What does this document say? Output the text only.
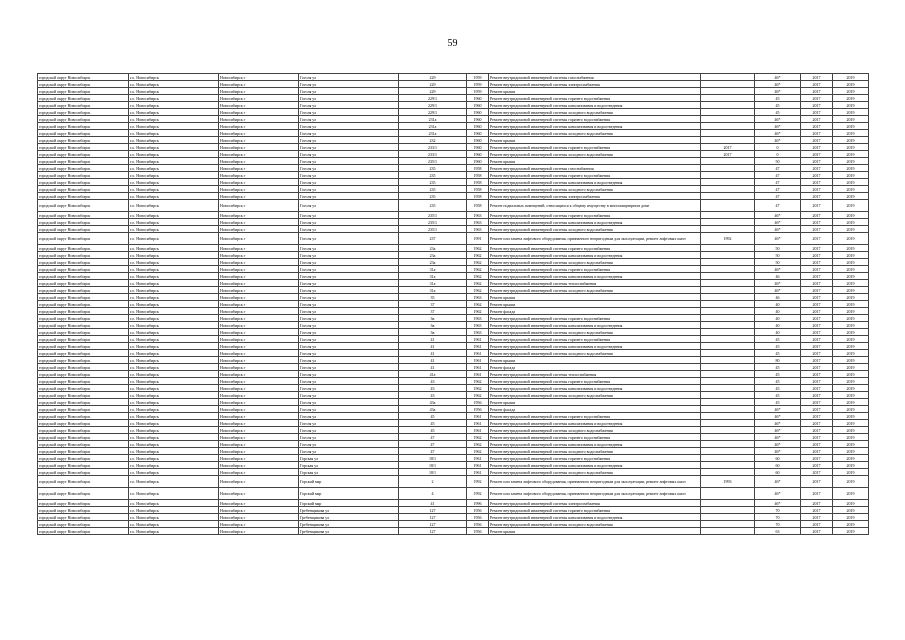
59
городской округ Новосибирск	г.о. Новосибирск	Новосибирск г	Гоголя ул	229	1959	Ремонт внутридомовой инженерной системы газоснабжения		46*	2017	2019
городской округ Новосибирск	г.о. Новосибирск	Новосибирск г	Гоголя ул	229	1959	Ремонт внутридомовой инженерной системы электроснабжения		46*	2017	2019
городской округ Новосибирск	г.о. Новосибирск	Новосибирск г	Гоголя ул	229	1959	Ремонт крыши		46*	2017	2019
городской округ Новосибирск	г.о. Новосибирск	Новосибирск г	Гоголя ул	229/1	1960	Ремонт внутридомовой инженерной системы горячего водоснабжения		45	2017	2019
городской округ Новосибирск	г.о. Новосибирск	Новосибирск г	Гоголя ул	229/1	1960	Ремонт внутридомовой инженерной системы канализования и водоотведения		45	2017	2019
городской округ Новосибирск	г.о. Новосибирск	Новосибирск г	Гоголя ул	229/1	1960	Ремонт внутридомовой инженерной системы холодного водоснабжения		45	2017	2019
городской округ Новосибирск	г.о. Новосибирск	Новосибирск г	Гоголя ул	231а	1960	Ремонт внутридомовой инженерной системы горячего водоснабжения		46*	2017	2019
городской округ Новосибирск	г.о. Новосибирск	Новосибирск г	Гоголя ул	231а	1960	Ремонт внутридомовой инженерной системы канализования и водоотведения		46*	2017	2019
городской округ Новосибирск	г.о. Новосибирск	Новосибирск г	Гоголя ул	231а	1960	Ремонт внутридомовой инженерной системы холодного водоснабжения		46*	2017	2019
городской округ Новосибирск	г.о. Новосибирск	Новосибирск г	Гоголя ул	232	1960	Ремонт крыши		46*	2017	2019
городской округ Новосибирск	г.о. Новосибирск	Новосибирск г	Гоголя ул	233/1	1960	Ремонт внутридомовой инженерной системы горячего водоснабжения	2017	0	2017	2019
городской округ Новосибирск	г.о. Новосибирск	Новосибирск г	Гоголя ул	233/1	1960	Ремонт внутридомовой инженерной системы холодного водоснабжения	2017	0	2017	2019
городской округ Новосибирск	г.о. Новосибирск	Новосибирск г	Гоголя ул	235/1	1960	Ремонт крыши		50	2017	2019
городской округ Новосибирск	г.о. Новосибирск	Новосибирск г	Гоголя ул	235	1958	Ремонт внутридомовой инженерной системы газоснабжения		47	2017	2019
городской округ Новосибирск	г.о. Новосибирск	Новосибирск г	Гоголя ул	235	1958	Ремонт внутридомовой инженерной системы горячего водоснабжения		47	2017	2019
городской округ Новосибирск	г.о. Новосибирск	Новосибирск г	Гоголя ул	235	1958	Ремонт внутридомовой инженерной системы канализования и водоотведения		47	2017	2019
городской округ Новосибирск	г.о. Новосибирск	Новосибирск г	Гоголя ул	235	1958	Ремонт внутридомовой инженерной системы холодного водоснабжения		47	2017	2019
городской округ Новосибирск	г.о. Новосибирск	Новосибирск г	Гоголя ул	235	1958	Ремонт внутридомовой инженерной системы электроснабжения		47	2017	2019
городской округ Новосибирск	г.о. Новосибирск	Новосибирск г	Гоголя ул	235	1958	Ремонт подвальных помещений, относящихся к общему имуществу в многоквартирном доме		47	2017	2019
городской округ Новосибирск	г.о. Новосибирск	Новосибирск г	Гоголя ул	235/1	1963	Ремонт внутридомовой инженерной системы горячего водоснабжения		46*	2017	2019
городской округ Новосибирск	г.о. Новосибирск	Новосибирск г	Гоголя ул	235/1	1963	Ремонт внутридомовой инженерной системы канализования и водоотведения		46*	2017	2019
городской округ Новосибирск	г.о. Новосибирск	Новосибирск г	Гоголя ул	235/1	1963	Ремонт внутридомовой инженерной системы холодного водоснабжения		46*	2017	2019
городской округ Новосибирск	г.о. Новосибирск	Новосибирск г	Гоголя ул	237	1991	Ремонт или замена лифтового оборудования, признанного непригодным для эксплуатации, ремонт лифтовых шахт	1992	46*	2017	2019
городской округ Новосибирск	г.о. Новосибирск	Новосибирск г	Гоголя ул	23а	1962	Ремонт внутридомовой инженерной системы горячего водоснабжения		50	2017	2019
городской округ Новосибирск	г.о. Новосибирск	Новосибирск г	Гоголя ул	23а	1962	Ремонт внутридомовой инженерной системы канализования и водоотведения		50	2017	2019
городской округ Новосибирск	г.о. Новосибирск	Новосибирск г	Гоголя ул	23а	1962	Ремонт внутридомовой инженерной системы холодного водоснабжения		50	2017	2019
городской округ Новосибирск	г.о. Новосибирск	Новосибирск г	Гоголя ул	31а	1962	Ремонт внутридомовой инженерной системы горячего водоснабжения		46*	2017	2019
городской округ Новосибирск	г.о. Новосибирск	Новосибирск г	Гоголя ул	31а	1962	Ремонт внутридомовой инженерной системы канализования и водоотведения		46	2017	2019
городской округ Новосибирск	г.о. Новосибирск	Новосибирск г	Гоголя ул	31а	1962	Ремонт внутридомовой инженерной системы теплоснабжения		46*	2017	2019
городской округ Новосибирск	г.о. Новосибирск	Новосибирск г	Гоголя ул	31а	1962	Ремонт внутридомовой инженерной системы холодного водоснабжения		46*	2017	2019
городской округ Новосибирск	г.о. Новосибирск	Новосибирск г	Гоголя ул	35	1963	Ремонт крыши		46	2017	2019
городской округ Новосибирск	г.о. Новосибирск	Новосибирск г	Гоголя ул	37	1962	Ремонт крыши		40	2017	2019
городской округ Новосибирск	г.о. Новосибирск	Новосибирск г	Гоголя ул	37	1962	Ремонт фасада		40	2017	2019
городской округ Новосибирск	г.о. Новосибирск	Новосибирск г	Гоголя ул	3в	1963	Ремонт внутридомовой инженерной системы горячего водоснабжения		40	2017	2019
городской округ Новосибирск	г.о. Новосибирск	Новосибирск г	Гоголя ул	3в	1963	Ремонт внутридомовой инженерной системы канализования и водоотведения		40	2017	2019
городской округ Новосибирск	г.о. Новосибирск	Новосибирск г	Гоголя ул	3в	1963	Ремонт внутридомовой инженерной системы холодного водоснабжения		40	2017	2019
городской округ Новосибирск	г.о. Новосибирск	Новосибирск г	Гоголя ул	41	1961	Ремонт внутридомовой инженерной системы горячего водоснабжения		45	2017	2019
городской округ Новосибирск	г.о. Новосибирск	Новосибирск г	Гоголя ул	41	1961	Ремонт внутридомовой инженерной системы канализования и водоотведения		45	2017	2019
городской округ Новосибирск	г.о. Новосибирск	Новосибирск г	Гоголя ул	41	1961	Ремонт внутридомовой инженерной системы холодного водоснабжения		45	2017	2019
городской округ Новосибирск	г.о. Новосибирск	Новосибирск г	Гоголя ул	41	1961	Ремонт крыши		80	2017	2019
городской округ Новосибирск	г.о. Новосибирск	Новосибирск г	Гоголя ул	41	1961	Ремонт фасада		45	2017	2019
городской округ Новосибирск	г.о. Новосибирск	Новосибирск г	Гоголя ул	41а	1961	Ремонт внутридомовой инженерной системы теплоснабжения		45	2017	2019
городской округ Новосибирск	г.о. Новосибирск	Новосибирск г	Гоголя ул	43	1962	Ремонт внутридомовой инженерной системы горячего водоснабжения		45	2017	2019
городской округ Новосибирск	г.о. Новосибирск	Новосибирск г	Гоголя ул	43	1962	Ремонт внутридомовой инженерной системы канализования и водоотведения		45	2017	2019
городской округ Новосибирск	г.о. Новосибирск	Новосибирск г	Гоголя ул	43	1962	Ремонт внутридомовой инженерной системы холодного водоснабжения		45	2017	2019
городской округ Новосибирск	г.о. Новосибирск	Новосибирск г	Гоголя ул	43а	1956	Ремонт крыши		45	2017	2019
городской округ Новосибирск	г.о. Новосибирск	Новосибирск г	Гоголя ул	43а	1956	Ремонт фасада		46*	2017	2019
городской округ Новосибирск	г.о. Новосибирск	Новосибирск г	Гоголя ул	45	1961	Ремонт внутридомовой инженерной системы горячего водоснабжения		46*	2017	2019
городской округ Новосибирск	г.о. Новосибирск	Новосибирск г	Гоголя ул	45	1961	Ремонт внутридомовой инженерной системы канализования и водоотведения		46*	2017	2019
городской округ Новосибирск	г.о. Новосибирск	Новосибирск г	Гоголя ул	45	1961	Ремонт внутридомовой инженерной системы холодного водоснабжения		46*	2017	2019
городской округ Новосибирск	г.о. Новосибирск	Новосибирск г	Гоголя ул	47	1962	Ремонт внутридомовой инженерной системы горячего водоснабжения		46*	2017	2019
городской округ Новосибирск	г.о. Новосибирск	Новосибирск г	Гоголя ул	47	1962	Ремонт внутридомовой инженерной системы канализования и водоотведения		46*	2017	2019
городской округ Новосибирск	г.о. Новосибирск	Новосибирск г	Гоголя ул	47	1962	Ремонт внутридомовой инженерной системы холодного водоснабжения		46*	2017	2019
городской округ Новосибирск	г.о. Новосибирск	Новосибирск г	Горская ул	18/1	1961	Ремонт внутридомовой инженерной системы горячего водоснабжения		60	2017	2019
городской округ Новосибирск	г.о. Новосибирск	Новосибирск г	Горская ул	18/1	1961	Ремонт внутридомовой инженерной системы канализования и водоотведения		60	2017	2019
городской округ Новосибирск	г.о. Новосибирск	Новосибирск г	Горская ул	18/1	1961	Ремонт внутридомовой инженерной системы холодного водоснабжения		60	2017	2019
городской округ Новосибирск	г.о. Новосибирск	Новосибирск г	Горский мкр	2	1992	Ремонт или замена лифтового оборудования, признанного непригодным для эксплуатации, ремонт лифтовых шахт	1993	46*	2017	2019
городской округ Новосибирск	г.о. Новосибирск	Новосибирск г	Горский мкр	4	1992	Ремонт или замена лифтового оборудования, признанного непригодным для эксплуатации, ремонт лифтовых шахт		46*	2017	2019
городской округ Новосибирск	г.о. Новосибирск	Новосибирск г	Горский мкр	41	1996	Ремонт внутридомовой инженерной системы электроснабжения		46*	2017	2019
городской округ Новосибирск	г.о. Новосибирск	Новосибирск г	Гребенщикова ул	127	1956	Ремонт внутридомовой инженерной системы горячего водоснабжения		70	2017	2019
городской округ Новосибирск	г.о. Новосибирск	Новосибирск г	Гребенщикова ул	127	1956	Ремонт внутридомовой инженерной системы канализования и водоотведения		70	2017	2019
городской округ Новосибирск	г.о. Новосибирск	Новосибирск г	Гребенщикова ул	127	1956	Ремонт внутридомовой инженерной системы холодного водоснабжения		70	2017	2019
городской округ Новосибирск	г.о. Новосибирск	Новосибирск г	Гребенщикова ул	127	1956	Ремонт крыши		63	2017	2019
